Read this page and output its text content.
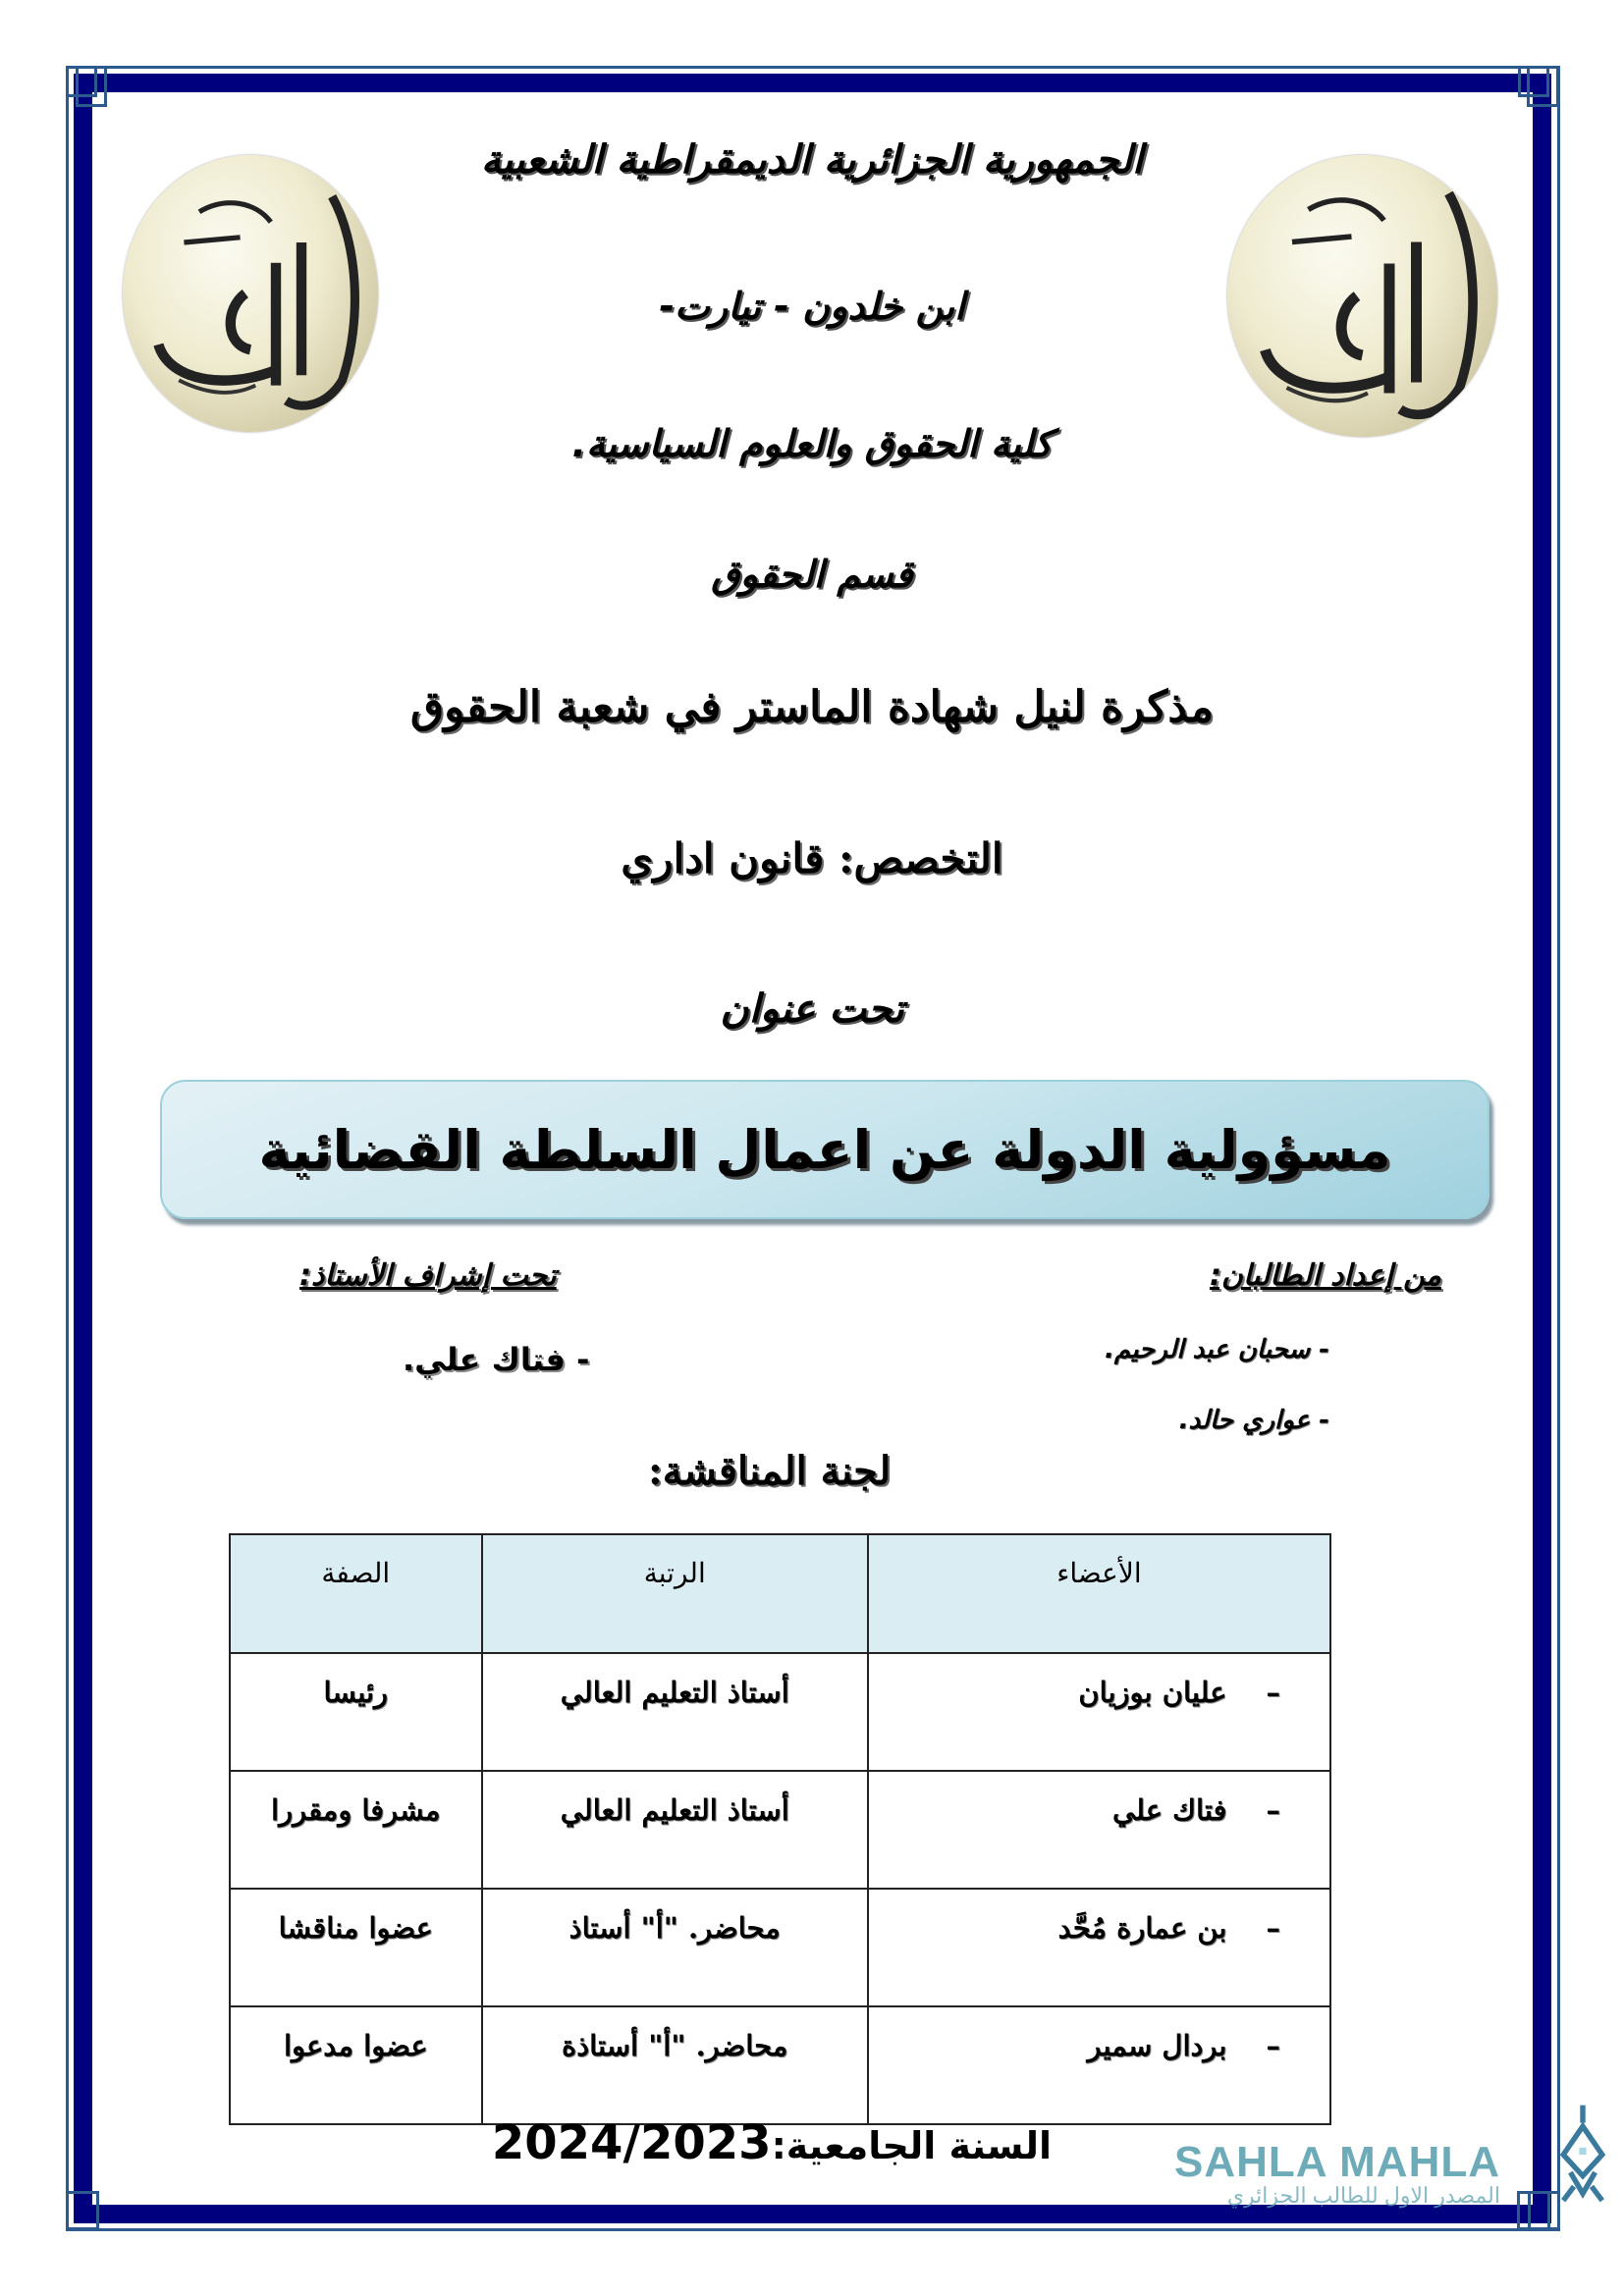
الجمهورية الجزائرية الديمقراطية الشعبية
ابن خلدون - تيارت-
كلية الحقوق والعلوم السياسية.
قسم الحقوق
مذكرة لنيل شهادة الماستر في شعبة الحقوق
التخصص: قانون اداري
تحت عنوان
مسؤولية الدولة عن اعمال السلطة القضائية
من إعداد الطالبان:
- سحبان عبد الرحيم.
- عواري حالد.
تحت إشراف الأستاذ:
- فتاك علي.
لجنة المناقشة:
الأعضاء	الرتبة	الصفة
–عليان بوزيان	أستاذ التعليم العالي	رئيسا
–فتاك علي	أستاذ التعليم العالي	مشرفا ومقررا
–بن عمارة مُحَّد	محاضر. "أ" أستاذ	عضوا مناقشا
–بردال سمير	محاضر. "أ" أستاذة	عضوا مدعوا
السنة الجامعية:2024/2023	SAHLA MAHLA
المصدر الاول للطالب الجزائري
